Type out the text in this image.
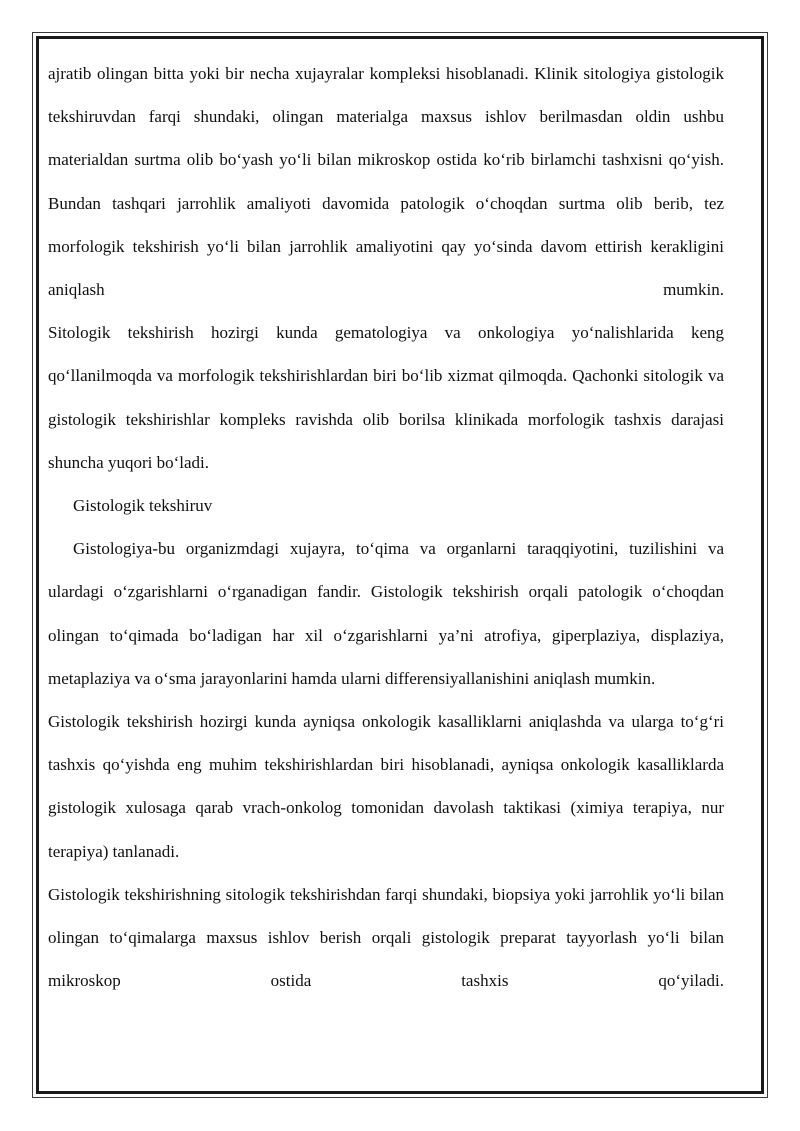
ajratib olingan bitta yoki bir necha xujayralar kompleksi hisoblanadi. Klinik sitologiya gistologik tekshiruvdan farqi shundaki, olingan materialga maxsus ishlov berilmasdan oldin ushbu materialdan surtma olib bo‘yash yo‘li bilan mikroskop ostida ko‘rib birlamchi tashxisni qo‘yish. Bundan tashqari jarrohlik amaliyoti davomida patologik o‘choqdan surtma olib berib, tez morfologik tekshirish yo‘li bilan jarrohlik amaliyotini qay yo‘sinda davom ettirish kerakligini aniqlash mumkin.

Sitologik tekshirish hozirgi kunda gematologiya va onkologiya yo‘nalishlarida keng qo‘llanilmoqda va morfologik tekshirishlardan biri bo‘lib xizmat qilmoqda. Qachonki sitologik va gistologik tekshirishlar kompleks ravishda olib borilsa klinikada morfologik tashxis darajasi shuncha yuqori bo‘ladi.

Gistologik tekshiruv

Gistologiya-bu organizmdagi xujayra, to‘qima va organlarni taraqqiyotini, tuzilishini va ulardagi o‘zgarishlarni o‘rganadigan fandir. Gistologik tekshirish orqali patologik o‘choqdan olingan to‘qimada bo‘ladigan har xil o‘zgarishlarni ya’ni atrofiya, giperplaziya, displaziya, metaplaziya va o‘sma jarayonlarini hamda ularni differensiyallanishini aniqlash mumkin.

Gistologik tekshirish hozirgi kunda ayniqsa onkologik kasalliklarni aniqlashda va ularga to‘g‘ri tashxis qo‘yishda eng muhim tekshirishlardan biri hisoblanadi, ayniqsa onkologik kasalliklarda gistologik xulosaga qarab vrach-onkolog tomonidan davolash taktikasi (ximiya terapiya, nur terapiya) tanlanadi.

Gistologik tekshirishning sitologik tekshirishdan farqi shundaki, biopsiya yoki jarrohlik yo‘li bilan olingan to‘qimalarga maxsus ishlov berish orqali gistologik preparat tayyorlash yo‘li bilan mikroskop ostida tashxis qo‘yiladi.
